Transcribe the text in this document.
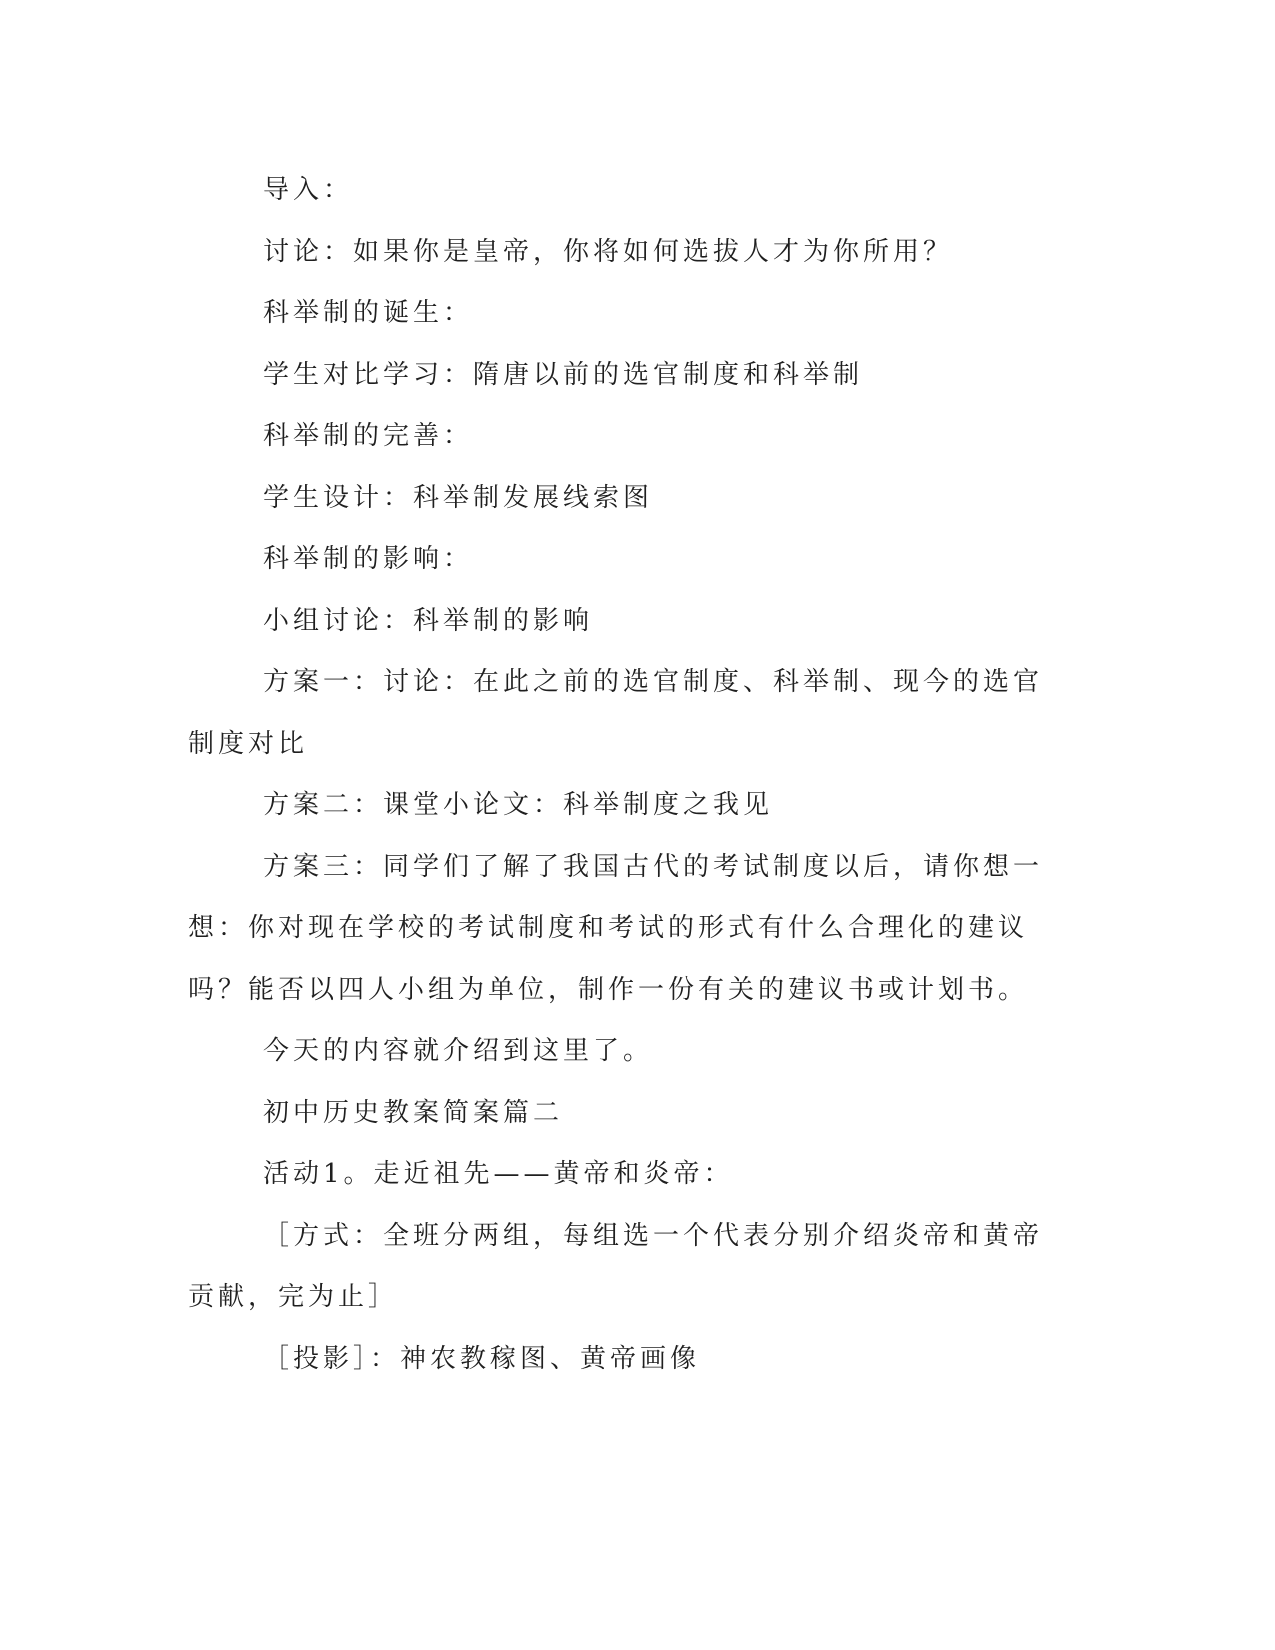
导入：

讨论：如果你是皇帝，你将如何选拔人才为你所用？

科举制的诞生：

学生对比学习：隋唐以前的选官制度和科举制

科举制的完善：

学生设计：科举制发展线索图

科举制的影响：

小组讨论：科举制的影响

方案一：讨论：在此之前的选官制度、科举制、现今的选官制度对比

方案二：课堂小论文：科举制度之我见

方案三：同学们了解了我国古代的考试制度以后，请你想一想：你对现在学校的考试制度和考试的形式有什么合理化的建议吗？能否以四人小组为单位，制作一份有关的建议书或计划书。

今天的内容就介绍到这里了。

初中历史教案简案篇二

活动1。走近祖先——黄帝和炎帝：

［方式：全班分两组，每组选一个代表分别介绍炎帝和黄帝贡献，完为止］

［投影］：神农教稼图、黄帝画像
